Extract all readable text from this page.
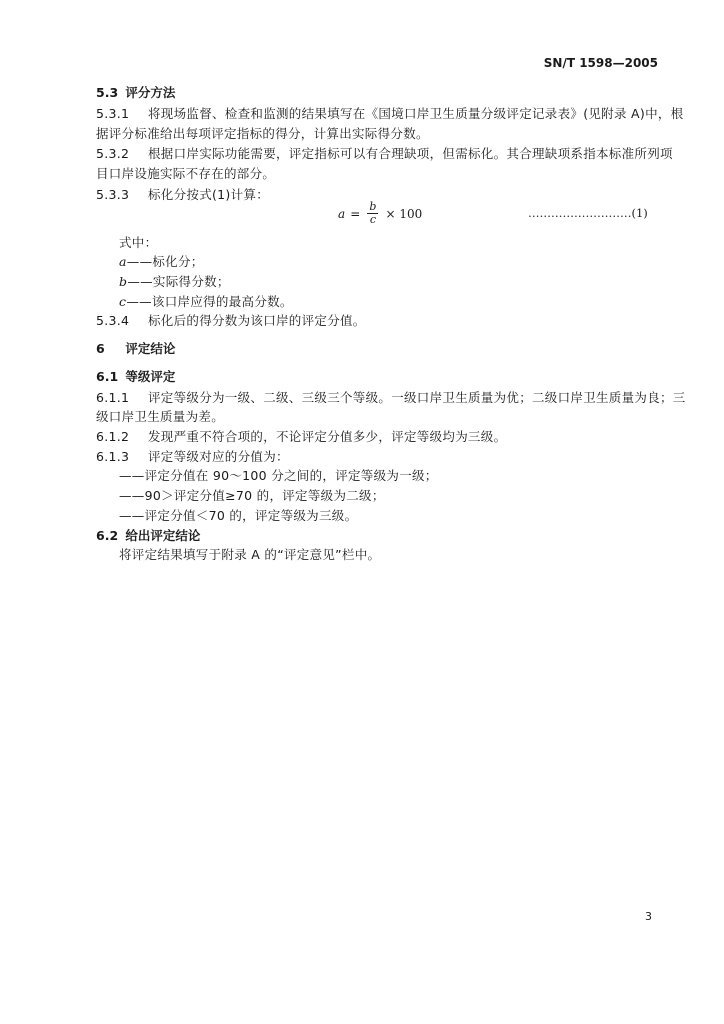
SN/T 1598—2005
5.3 评分方法
5.3.1 将现场监督、检查和监测的结果填写在《国境口岸卫生质量分级评定记录表》(见附录 A)中，根
据评分标准给出每项评定指标的得分，计算出实际得分数。
5.3.2 根据口岸实际功能需要，评定指标可以有合理缺项，但需标化。其合理缺项系指本标准所列项
目口岸设施实际不存在的部分。
5.3.3 标化分按式(1)计算：
$a = \frac{b}{c} \times 100$	………………………(1)
式中：
a——标化分；
b——实际得分数；
c——该口岸应得的最高分数。
5.3.4 标化后的得分数为该口岸的评定分值。
6 评定结论
6.1 等级评定
6.1.1 评定等级分为一级、二级、三级三个等级。一级口岸卫生质量为优；二级口岸卫生质量为良；三
级口岸卫生质量为差。
6.1.2 发现严重不符合项的，不论评定分值多少，评定等级均为三级。
6.1.3 评定等级对应的分值为：
——评定分值在 90～100 分之间的，评定等级为一级；
——90＞评定分值≥70 的，评定等级为二级；
——评定分值＜70 的，评定等级为三级。
6.2 给出评定结论
将评定结果填写于附录 A 的“评定意见”栏中。
3
